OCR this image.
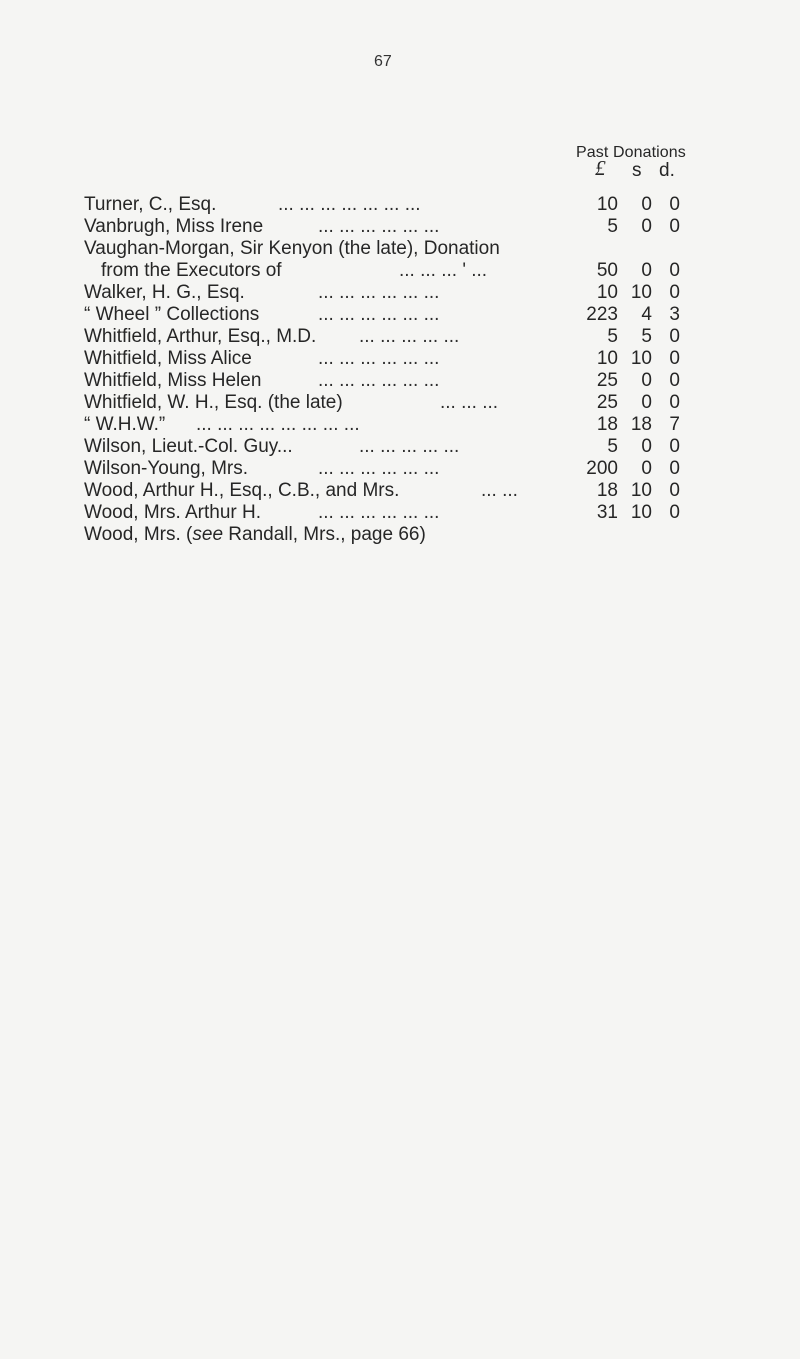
67
Past Donations
£ s d.
Turner, C., Esq.	... ... ... ... ... ... ...	10	0 0
Vanbrugh, Miss Irene	... ... ... ... ... ...	5	0 0
Vaughan-Morgan, Sir Kenyon (the late), Donation
from the Executors of	... ... ... ' ...	50	0 0
Walker, H. G., Esq.	... ... ... ... ... ...	10 10 0
“ Wheel ” Collections	... ... ... ... ... ...	223	4 3
Whitfield, Arthur, Esq., M.D. ... ... ... ... ...	5	5 0
Whitfield, Miss Alice	... ... ... ... ... ...	10 10 0
Whitfield, Miss Helen	... ... ... ... ... ...	25	0 0
Whitfield, W. H., Esq. (the late)	... ... ...	25	0 0
“ W.H.W.” ... ... ... ... ... ... ... ...	18 18 7
Wilson, Lieut.-Col. Guy...	... ... ... ... ...	5	0 0
Wilson-Young, Mrs.	... ... ... ... ... ...	200	0 0
Wood, Arthur H., Esq., C.B., and Mrs.	... ...	18 10 0
Wood, Mrs. Arthur H.	... ... ... ... ... ...	31 10 0
Wood, Mrs. (see Randall, Mrs., page 66)
